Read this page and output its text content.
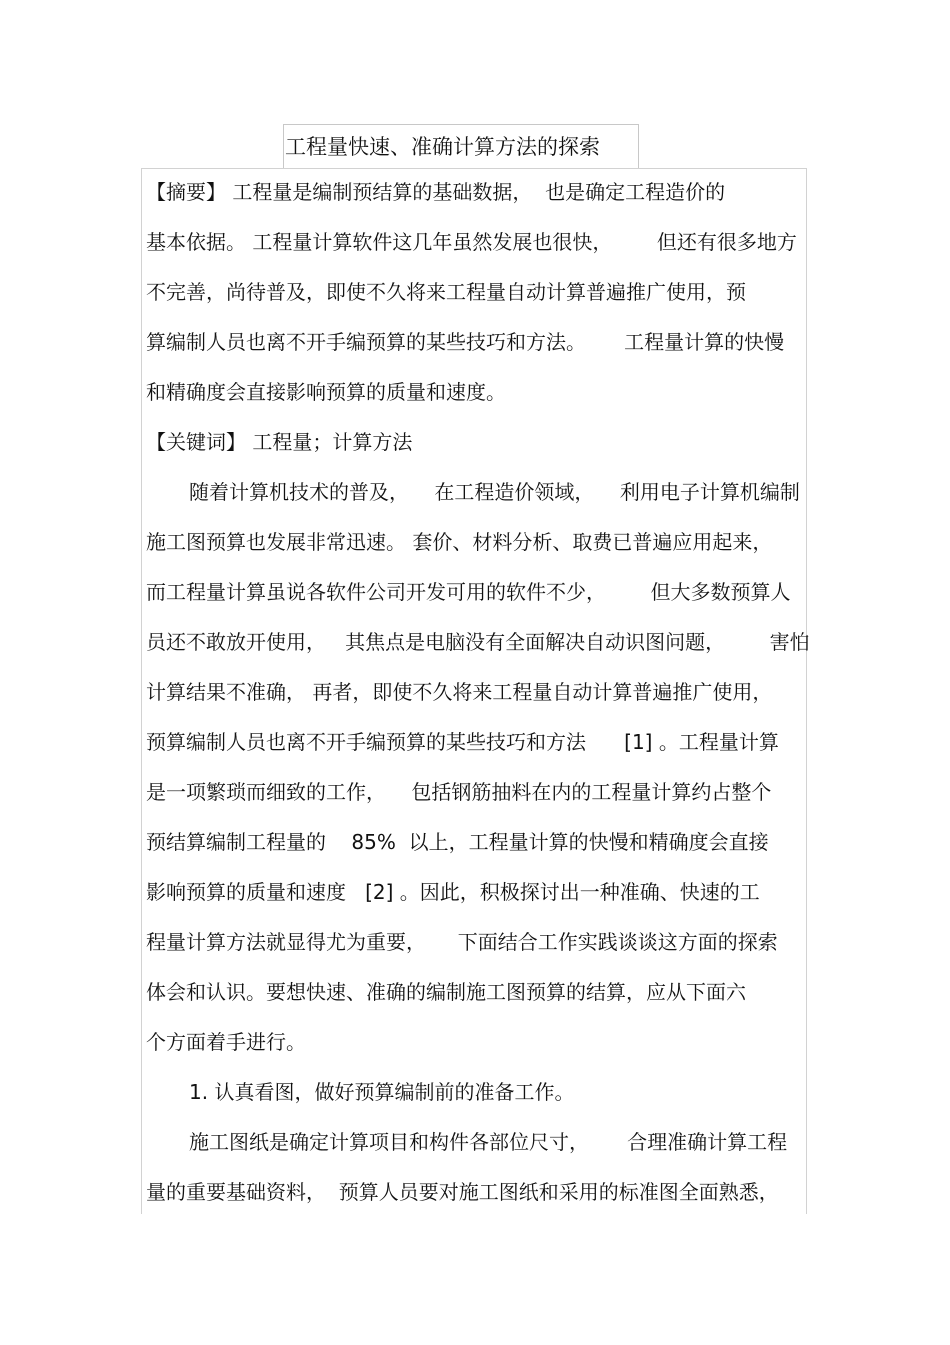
工程量快速、准确计算方法的探索
【摘要】 工程量是编制预结算的基础数据，  也是确定工程造价的
基本依据。 工程量计算软件这几年虽然发展也很快，       但还有很多地方
不完善，尚待普及，即使不久将来工程量自动计算普遍推广使用，预
算编制人员也离不开手编预算的某些技巧和方法。      工程量计算的快慢
和精确度会直接影响预算的质量和速度。
【关键词】 工程量；计算方法
随着计算机技术的普及，    在工程造价领域，    利用电子计算机编制
施工图预算也发展非常迅速。 套价、材料分析、取费已普遍应用起来，
而工程量计算虽说各软件公司开发可用的软件不少，       但大多数预算人
员还不敢放开使用，   其焦点是电脑没有全面解决自动识图问题，       害怕
计算结果不准确， 再者，即使不久将来工程量自动计算普遍推广使用，
预算编制人员也离不开手编预算的某些技巧和方法      [1] 。工程量计算
是一项繁琐而细致的工作，    包括钢筋抽料在内的工程量计算约占整个
预结算编制工程量的    85%  以上，工程量计算的快慢和精确度会直接
影响预算的质量和速度   [2] 。因此，积极探讨出一种准确、快速的工
程量计算方法就显得尤为重要，     下面结合工作实践谈谈这方面的探索
体会和认识。要想快速、准确的编制施工图预算的结算，应从下面六
个方面着手进行。
1. 认真看图，做好预算编制前的准备工作。
施工图纸是确定计算项目和构件各部位尺寸，      合理准确计算工程
量的重要基础资料，  预算人员要对施工图纸和采用的标准图全面熟悉，
